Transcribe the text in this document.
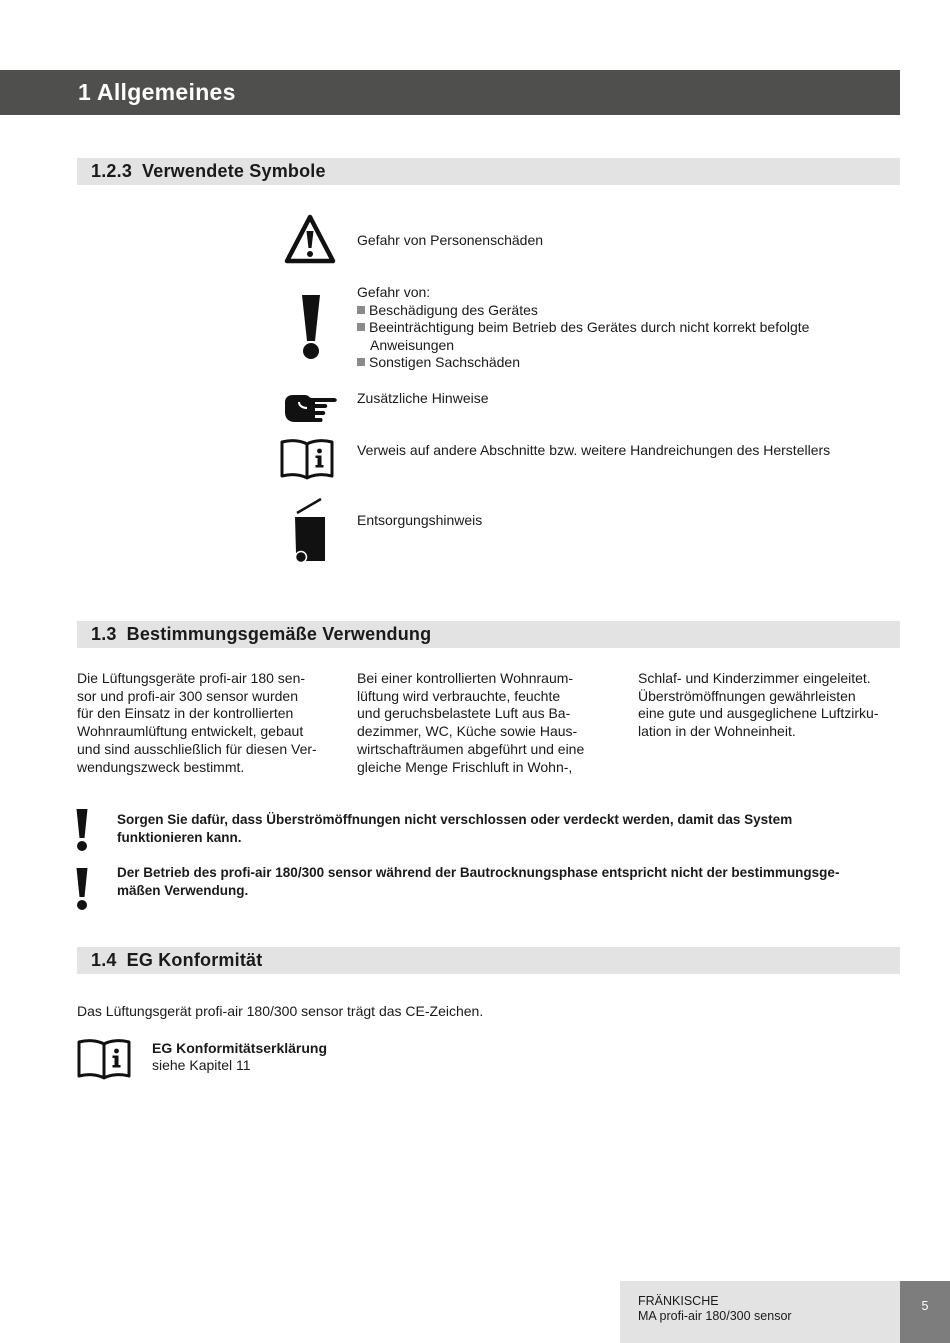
1 Allgemeines
1.2.3 Verwendete Symbole
Gefahr von Personenschäden
Gefahr von:
Beschädigung des Gerätes
Beeinträchtigung beim Betrieb des Gerätes durch nicht korrekt befolgte
Anweisungen
Sonstigen Sachschäden
Zusätzliche Hinweise
Verweis auf andere Abschnitte bzw. weitere Handreichungen des Herstellers
Entsorgungshinweis
1.3 Bestimmungsgemäße Verwendung
Die Lüftungsgeräte profi-air 180 sen-
sor und profi-air 300 sensor wurden
für den Einsatz in der kontrollierten
Wohnraumlüftung entwickelt, gebaut
und sind ausschließlich für diesen Ver-
wendungszweck bestimmt.
Bei einer kontrollierten Wohnraum-
lüftung wird verbrauchte, feuchte
und geruchsbelastete Luft aus Ba-
dezimmer, WC, Küche sowie Haus-
wirtschafträumen abgeführt und eine
gleiche Menge Frischluft in Wohn-,
Schlaf- und Kinderzimmer eingeleitet.
Überströmöffnungen gewährleisten
eine gute und ausgeglichene Luftzirku-
lation in der Wohneinheit.
Sorgen Sie dafür, dass Überströmöffnungen nicht verschlossen oder verdeckt werden, damit das System
funktionieren kann.
Der Betrieb des profi-air 180/300 sensor während der Bautrocknungsphase entspricht nicht der bestimmungsge-
mäßen Verwendung.
1.4 EG Konformität
Das Lüftungsgerät profi-air 180/300 sensor trägt das CE-Zeichen.
EG Konformitätserklärung
siehe Kapitel 11
FRÄNKISCHE
MA profi-air 180/300 sensor
5
